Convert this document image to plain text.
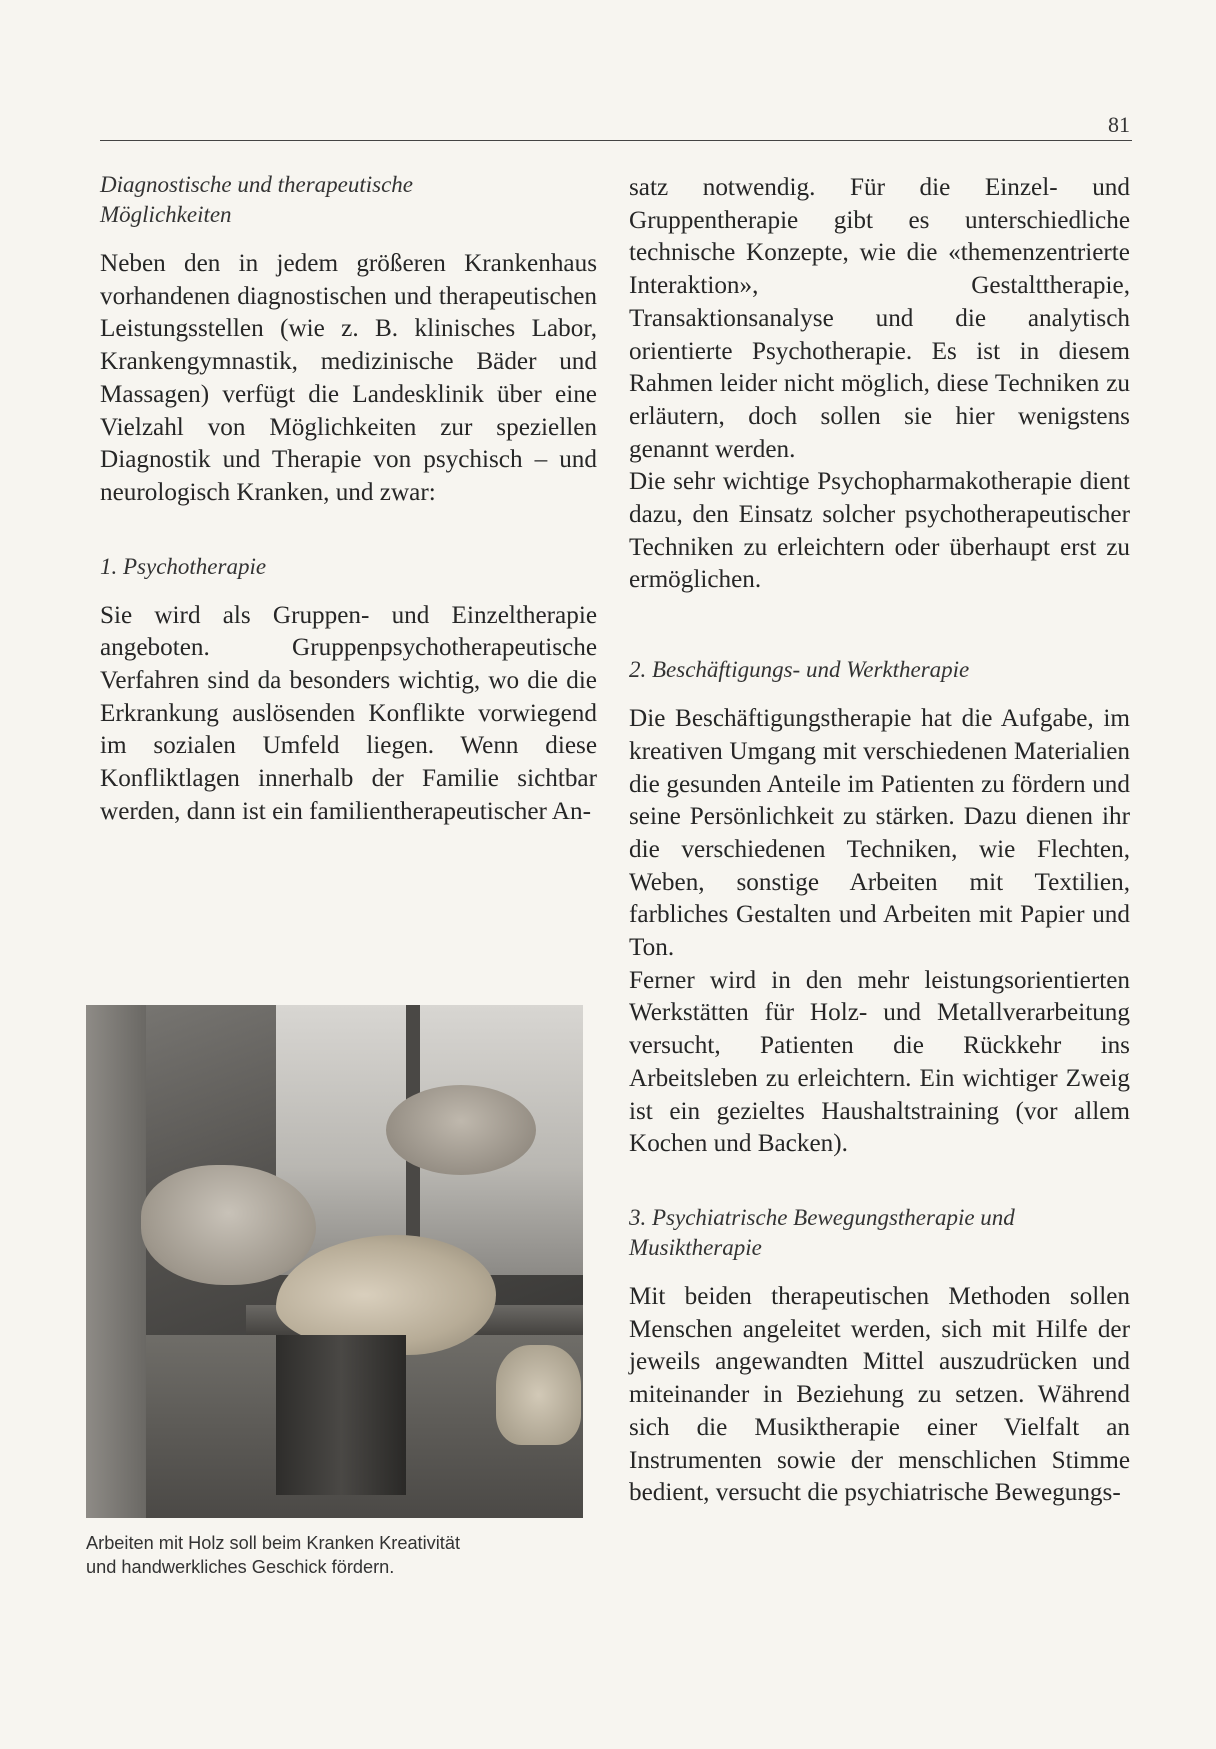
81

Diagnostische und therapeutische
Möglichkeiten

Neben den in jedem größeren Krankenhaus vorhandenen diagnostischen und therapeutischen Leistungsstellen (wie z. B. klinisches Labor, Krankengymnastik, medizinische Bäder und Massagen) verfügt die Landesklinik über eine Vielzahl von Möglichkeiten zur speziellen Diagnostik und Therapie von psychisch – und neurologisch Kranken, und zwar:

1. Psychotherapie

Sie wird als Gruppen- und Einzeltherapie angeboten. Gruppenpsychotherapeutische Verfahren sind da besonders wichtig, wo die die Erkrankung auslösenden Konflikte vorwiegend im sozialen Umfeld liegen. Wenn diese Konfliktlagen innerhalb der Familie sichtbar werden, dann ist ein familientherapeutischer An-

Arbeiten mit Holz soll beim Kranken Kreativität
und handwerkliches Geschick fördern.

satz notwendig. Für die Einzel- und Gruppentherapie gibt es unterschiedliche technische Konzepte, wie die «themenzentrierte Interaktion», Gestalttherapie, Transaktionsanalyse und die analytisch orientierte Psychotherapie. Es ist in diesem Rahmen leider nicht möglich, diese Techniken zu erläutern, doch sollen sie hier wenigstens genannt werden.

Die sehr wichtige Psychopharmakotherapie dient dazu, den Einsatz solcher psychotherapeutischer Techniken zu erleichtern oder überhaupt erst zu ermöglichen.

2. Beschäftigungs- und Werktherapie

Die Beschäftigungstherapie hat die Aufgabe, im kreativen Umgang mit verschiedenen Materialien die gesunden Anteile im Patienten zu fördern und seine Persönlichkeit zu stärken. Dazu dienen ihr die verschiedenen Techniken, wie Flechten, Weben, sonstige Arbeiten mit Textilien, farbliches Gestalten und Arbeiten mit Papier und Ton.

Ferner wird in den mehr leistungsorientierten Werkstätten für Holz- und Metallverarbeitung versucht, Patienten die Rückkehr ins Arbeitsleben zu erleichtern. Ein wichtiger Zweig ist ein gezieltes Haushaltstraining (vor allem Kochen und Backen).

3. Psychiatrische Bewegungstherapie und
Musiktherapie

Mit beiden therapeutischen Methoden sollen Menschen angeleitet werden, sich mit Hilfe der jeweils angewandten Mittel auszudrücken und miteinander in Beziehung zu setzen. Während sich die Musiktherapie einer Vielfalt an Instrumenten sowie der menschlichen Stimme bedient, versucht die psychiatrische Bewegungs-
